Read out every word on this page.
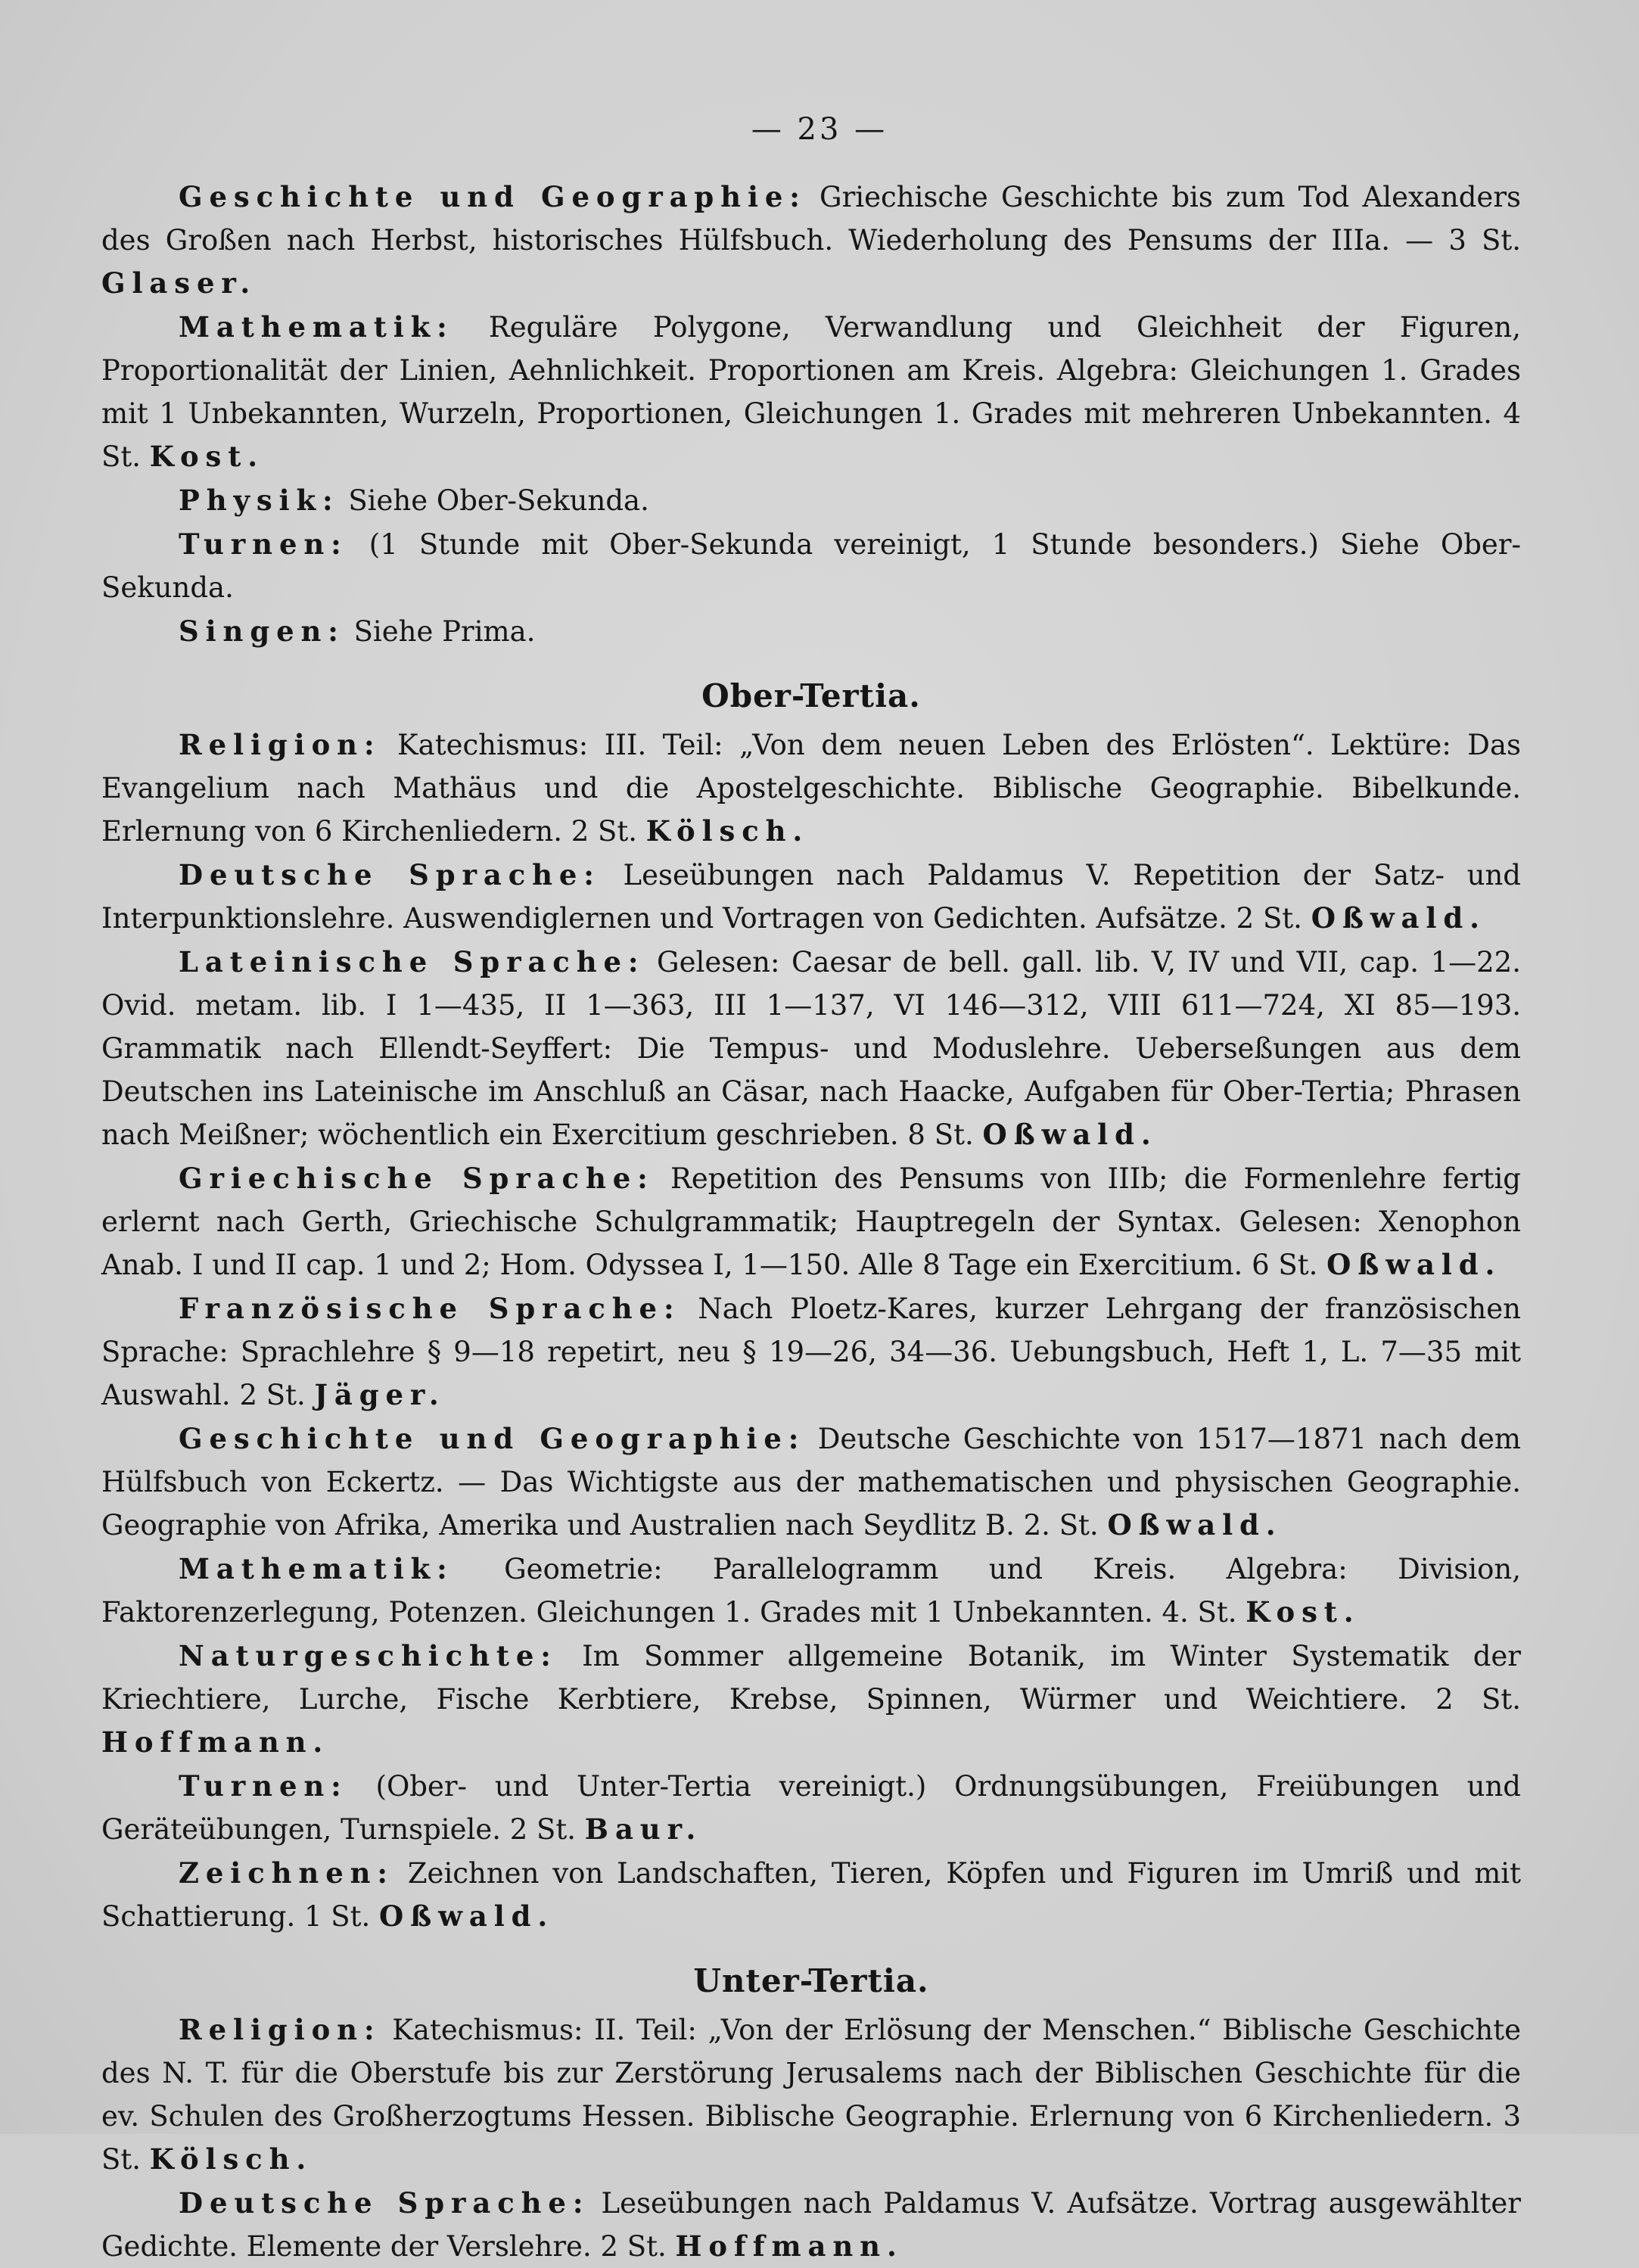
— 23 —

Geschichte und Geographie: Griechische Geschichte bis zum Tod Alexanders des Großen nach Herbst, historisches Hülfsbuch. Wiederholung des Pensums der IIIa. — 3 St. Glaser.

Mathematik: Reguläre Polygone, Verwandlung und Gleichheit der Figuren, Proportionalität der Linien, Aehnlichkeit. Proportionen am Kreis. Algebra: Gleichungen 1. Grades mit 1 Unbekannten, Wurzeln, Proportionen, Gleichungen 1. Grades mit mehreren Unbekannten. 4 St. Kost.

Physik: Siehe Ober-Sekunda.

Turnen: (1 Stunde mit Ober-Sekunda vereinigt, 1 Stunde besonders.) Siehe Ober-Sekunda.

Singen: Siehe Prima.

Ober-Tertia.

Religion: Katechismus: III. Teil: „Von dem neuen Leben des Erlösten“. Lektüre: Das Evangelium nach Mathäus und die Apostelgeschichte. Biblische Geographie. Bibelkunde. Erlernung von 6 Kirchenliedern. 2 St. Kölsch.

Deutsche Sprache: Leseübungen nach Paldamus V. Repetition der Satz- und Interpunktionslehre. Auswendiglernen und Vortragen von Gedichten. Aufsätze. 2 St. Oßwald.

Lateinische Sprache: Gelesen: Caesar de bell. gall. lib. V, IV und VII, cap. 1—22. Ovid. metam. lib. I 1—435, II 1—363, III 1—137, VI 146—312, VIII 611—724, XI 85—193. Grammatik nach Ellendt-Seyffert: Die Tempus- und Moduslehre. Ueberseßungen aus dem Deutschen ins Lateinische im Anschluß an Cäsar, nach Haacke, Aufgaben für Ober-Tertia; Phrasen nach Meißner; wöchentlich ein Exercitium geschrieben. 8 St. Oßwald.

Griechische Sprache: Repetition des Pensums von IIIb; die Formenlehre fertig erlernt nach Gerth, Griechische Schulgrammatik; Hauptregeln der Syntax. Gelesen: Xenophon Anab. I und II cap. 1 und 2; Hom. Odyssea I, 1—150. Alle 8 Tage ein Exercitium. 6 St. Oßwald.

Französische Sprache: Nach Ploetz-Kares, kurzer Lehrgang der französischen Sprache: Sprachlehre § 9—18 repetirt, neu § 19—26, 34—36. Uebungsbuch, Heft 1, L. 7—35 mit Auswahl. 2 St. Jäger.

Geschichte und Geographie: Deutsche Geschichte von 1517—1871 nach dem Hülfsbuch von Eckertz. — Das Wichtigste aus der mathematischen und physischen Geographie. Geographie von Afrika, Amerika und Australien nach Seydlitz B. 2. St. Oßwald.

Mathematik: Geometrie: Parallelogramm und Kreis. Algebra: Division, Faktorenzerlegung, Potenzen. Gleichungen 1. Grades mit 1 Unbekannten. 4. St. Kost.

Naturgeschichte: Im Sommer allgemeine Botanik, im Winter Systematik der Kriechtiere, Lurche, Fische Kerbtiere, Krebse, Spinnen, Würmer und Weichtiere. 2 St. Hoffmann.

Turnen: (Ober- und Unter-Tertia vereinigt.) Ordnungsübungen, Freiübungen und Geräteübungen, Turnspiele. 2 St. Baur.

Zeichnen: Zeichnen von Landschaften, Tieren, Köpfen und Figuren im Umriß und mit Schattierung. 1 St. Oßwald.

Unter-Tertia.

Religion: Katechismus: II. Teil: „Von der Erlösung der Menschen.“ Biblische Geschichte des N. T. für die Oberstufe bis zur Zerstörung Jerusalems nach der Biblischen Geschichte für die ev. Schulen des Großherzogtums Hessen. Biblische Geographie. Erlernung von 6 Kirchenliedern. 3 St. Kölsch.

Deutsche Sprache: Leseübungen nach Paldamus V. Aufsätze. Vortrag ausgewählter Gedichte. Elemente der Verslehre. 2 St. Hoffmann.
